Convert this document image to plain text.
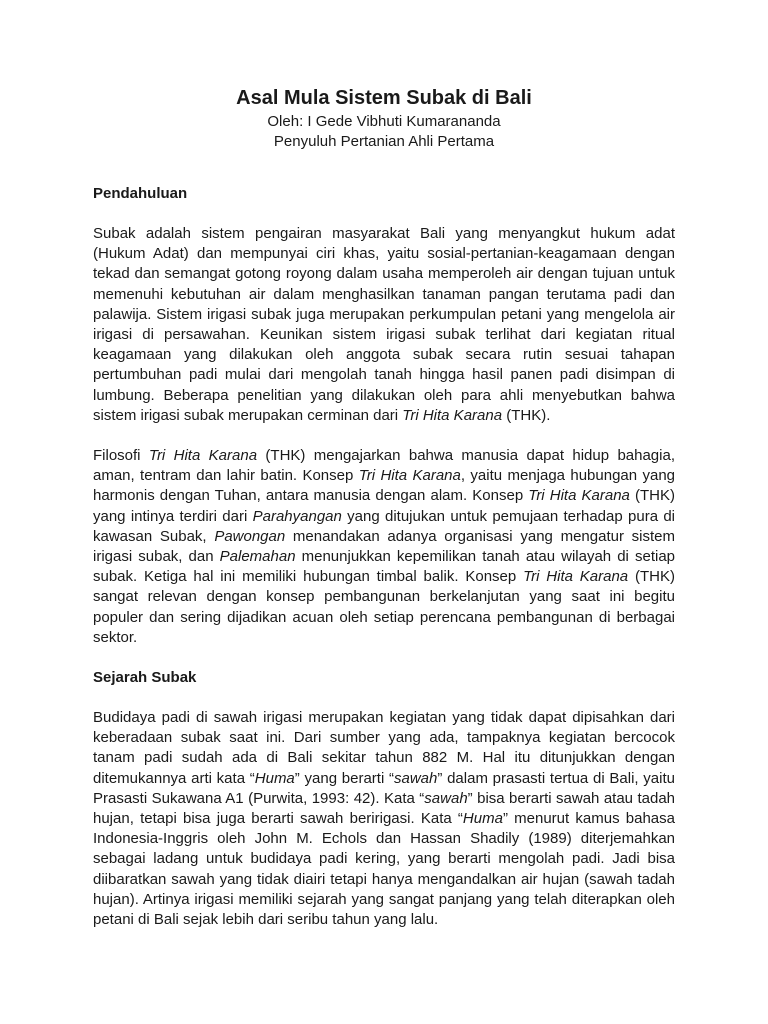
Asal Mula Sistem Subak di Bali

Oleh: I Gede Vibhuti Kumarananda

Penyuluh Pertanian Ahli Pertama

Pendahuluan

Subak adalah sistem pengairan masyarakat Bali yang menyangkut hukum adat (Hukum Adat) dan mempunyai ciri khas, yaitu sosial-pertanian-keagamaan dengan tekad dan semangat gotong royong dalam usaha memperoleh air dengan tujuan untuk memenuhi kebutuhan air dalam menghasilkan tanaman pangan terutama padi dan palawija. Sistem irigasi subak juga merupakan perkumpulan petani yang mengelola air irigasi di persawahan. Keunikan sistem irigasi subak terlihat dari kegiatan ritual keagamaan yang dilakukan oleh anggota subak secara rutin sesuai tahapan pertumbuhan padi mulai dari mengolah tanah hingga hasil panen padi disimpan di lumbung. Beberapa penelitian yang dilakukan oleh para ahli menyebutkan bahwa sistem irigasi subak merupakan cerminan dari Tri Hita Karana (THK).

Filosofi Tri Hita Karana (THK) mengajarkan bahwa manusia dapat hidup bahagia, aman, tentram dan lahir batin. Konsep Tri Hita Karana, yaitu menjaga hubungan yang harmonis dengan Tuhan, antara manusia dengan alam. Konsep Tri Hita Karana (THK) yang intinya terdiri dari Parahyangan yang ditujukan untuk pemujaan terhadap pura di kawasan Subak, Pawongan menandakan adanya organisasi yang mengatur sistem irigasi subak, dan Palemahan menunjukkan kepemilikan tanah atau wilayah di setiap subak. Ketiga hal ini memiliki hubungan timbal balik. Konsep Tri Hita Karana (THK) sangat relevan dengan konsep pembangunan berkelanjutan yang saat ini begitu populer dan sering dijadikan acuan oleh setiap perencana pembangunan di berbagai sektor.

Sejarah Subak

Budidaya padi di sawah irigasi merupakan kegiatan yang tidak dapat dipisahkan dari keberadaan subak saat ini. Dari sumber yang ada, tampaknya kegiatan bercocok tanam padi sudah ada di Bali sekitar tahun 882 M. Hal itu ditunjukkan dengan ditemukannya arti kata “Huma” yang berarti “sawah” dalam prasasti tertua di Bali, yaitu Prasasti Sukawana A1 (Purwita, 1993: 42). Kata “sawah” bisa berarti sawah atau tadah hujan, tetapi bisa juga berarti sawah beririgasi. Kata “Huma” menurut kamus bahasa Indonesia-Inggris oleh John M. Echols dan Hassan Shadily (1989) diterjemahkan sebagai ladang untuk budidaya padi kering, yang berarti mengolah padi. Jadi bisa diibaratkan sawah yang tidak diairi tetapi hanya mengandalkan air hujan (sawah tadah hujan). Artinya irigasi memiliki sejarah yang sangat panjang yang telah diterapkan oleh petani di Bali sejak lebih dari seribu tahun yang lalu.
